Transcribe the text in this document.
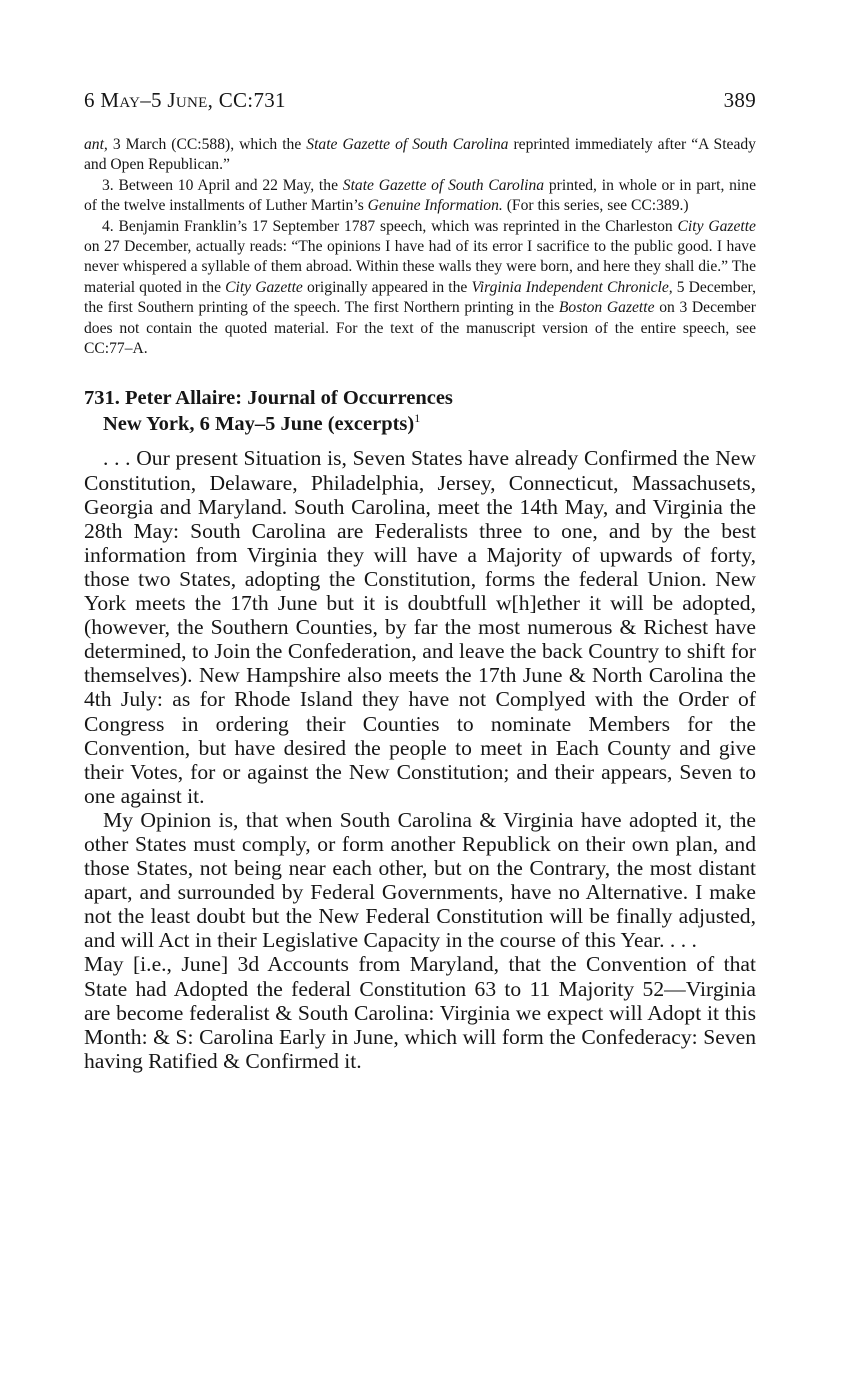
6 May–5 June, CC:731	389

ant, 3 March (CC:588), which the State Gazette of South Carolina reprinted immediately after “A Steady and Open Republican.”

3. Between 10 April and 22 May, the State Gazette of South Carolina printed, in whole or in part, nine of the twelve installments of Luther Martin’s Genuine Information. (For this series, see CC:389.)

4. Benjamin Franklin’s 17 September 1787 speech, which was reprinted in the Charleston City Gazette on 27 December, actually reads: “The opinions I have had of its error I sacrifice to the public good. I have never whispered a syllable of them abroad. Within these walls they were born, and here they shall die.” The material quoted in the City Gazette originally appeared in the Virginia Independent Chronicle, 5 December, the first Southern printing of the speech. The first Northern printing in the Boston Gazette on 3 December does not contain the quoted material. For the text of the manuscript version of the entire speech, see CC:77–A.

731. Peter Allaire: Journal of Occurrences
New York, 6 May–5 June (excerpts)$^1$

. . . Our present Situation is, Seven States have already Confirmed the New Constitution, Delaware, Philadelphia, Jersey, Connecticut, Massachusets, Georgia and Maryland. South Carolina, meet the 14th May, and Virginia the 28th May: South Carolina are Federalists three to one, and by the best information from Virginia they will have a Majority of upwards of forty, those two States, adopting the Constitution, forms the federal Union. New York meets the 17th June but it is doubtfull w[h]ether it will be adopted, (however, the Southern Counties, by far the most numerous & Richest have determined, to Join the Confederation, and leave the back Country to shift for themselves). New Hampshire also meets the 17th June & North Carolina the 4th July: as for Rhode Island they have not Complyed with the Order of Congress in ordering their Counties to nominate Members for the Convention, but have desired the people to meet in Each County and give their Votes, for or against the New Constitution; and their appears, Seven to one against it.

My Opinion is, that when South Carolina & Virginia have adopted it, the other States must comply, or form another Republick on their own plan, and those States, not being near each other, but on the Contrary, the most distant apart, and surrounded by Federal Governments, have no Alternative. I make not the least doubt but the New Federal Constitution will be finally adjusted, and will Act in their Legislative Capacity in the course of this Year. . . .

May [i.e., June] 3d Accounts from Maryland, that the Convention of that State had Adopted the federal Constitution 63 to 11 Majority 52—Virginia are become federalist & South Carolina: Virginia we expect will Adopt it this Month: & S: Carolina Early in June, which will form the Confederacy: Seven having Ratified & Confirmed it.
